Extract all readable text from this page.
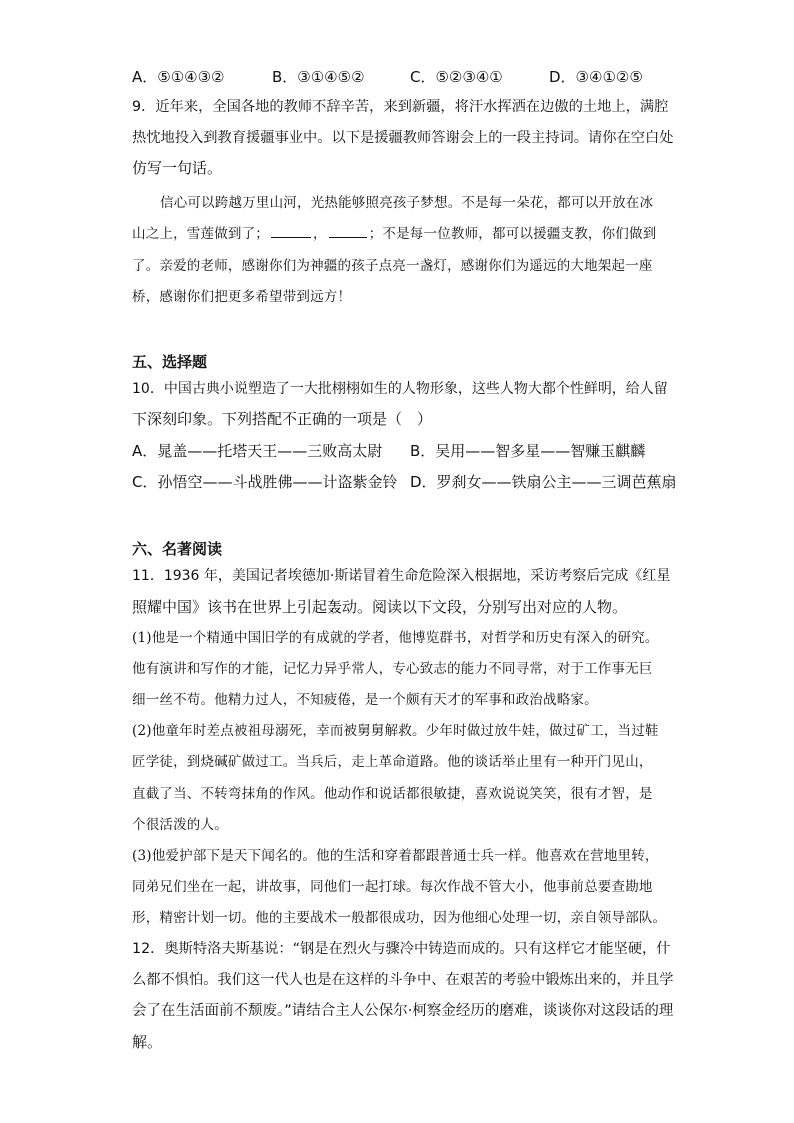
A．⑤①④③②	B．③①④⑤②	C．⑤②③④①	D．③④①②⑤
9．近年来，全国各地的教师不辞辛苦，来到新疆，将汗水挥洒在边傲的土地上，满腔
热忱地投入到教育援疆事业中。以下是援疆教师答谢会上的一段主持词。请你在空白处
仿写一句话。
信心可以跨越万里山河，光热能够照亮孩子梦想。不是每一朵花，都可以开放在冰
山之上，雪莲做到了；	，	；不是每一位教师，都可以援疆支教，你们做到
了。亲爱的老师，感谢你们为神疆的孩子点亮一盏灯，感谢你们为遥远的大地架起一座
桥，感谢你们把更多希望带到远方！
五、选择题
10．中国古典小说塑造了一大批栩栩如生的人物形象，这些人物大都个性鲜明，给人留
下深刻印象。下列搭配不正确的一项是（　）
A．晁盖——托塔天王——三败高太尉 B．吴用——智多星——智赚玉麒麟
C．孙悟空——斗战胜佛——计盗紫金铃 D．罗刹女——铁扇公主——三调芭蕉扇
六、名著阅读
11．1936 年，美国记者埃德加·斯诺冒着生命危险深入根据地，采访考察后完成《红星
照耀中国》该书在世界上引起轰动。阅读以下文段，分别写出对应的人物。
(1)他是一个精通中国旧学的有成就的学者，他博览群书，对哲学和历史有深入的研究。
他有演讲和写作的才能，记忆力异乎常人，专心致志的能力不同寻常，对于工作事无巨
细一丝不苟。他精力过人，不知疲倦，是一个颇有天才的军事和政治战略家。
(2)他童年时差点被祖母溺死，幸而被舅舅解救。少年时做过放牛娃，做过矿工，当过鞋
匠学徒，到烧碱矿做过工。当兵后，走上革命道路。他的谈话举止里有一种开门见山，
直截了当、不转弯抹角的作风。他动作和说话都很敏捷，喜欢说说笑笑，很有才智，是
个很活泼的人。
(3)他爱护部下是天下闻名的。他的生活和穿着都跟普通士兵一样。他喜欢在营地里转，
同弟兄们坐在一起，讲故事，同他们一起打球。每次作战不管大小，他事前总要查勘地
形，精密计划一切。他的主要战术一般都很成功，因为他细心处理一切，亲自领导部队。
12．奥斯特洛夫斯基说：“钢是在烈火与骤冷中铸造而成的。只有这样它才能坚硬，什
么都不惧怕。我们这一代人也是在这样的斗争中、在艰苦的考验中锻炼出来的，并且学
会了在生活面前不颓废。”请结合主人公保尔·柯察金经历的磨难，谈谈你对这段话的理
解。
